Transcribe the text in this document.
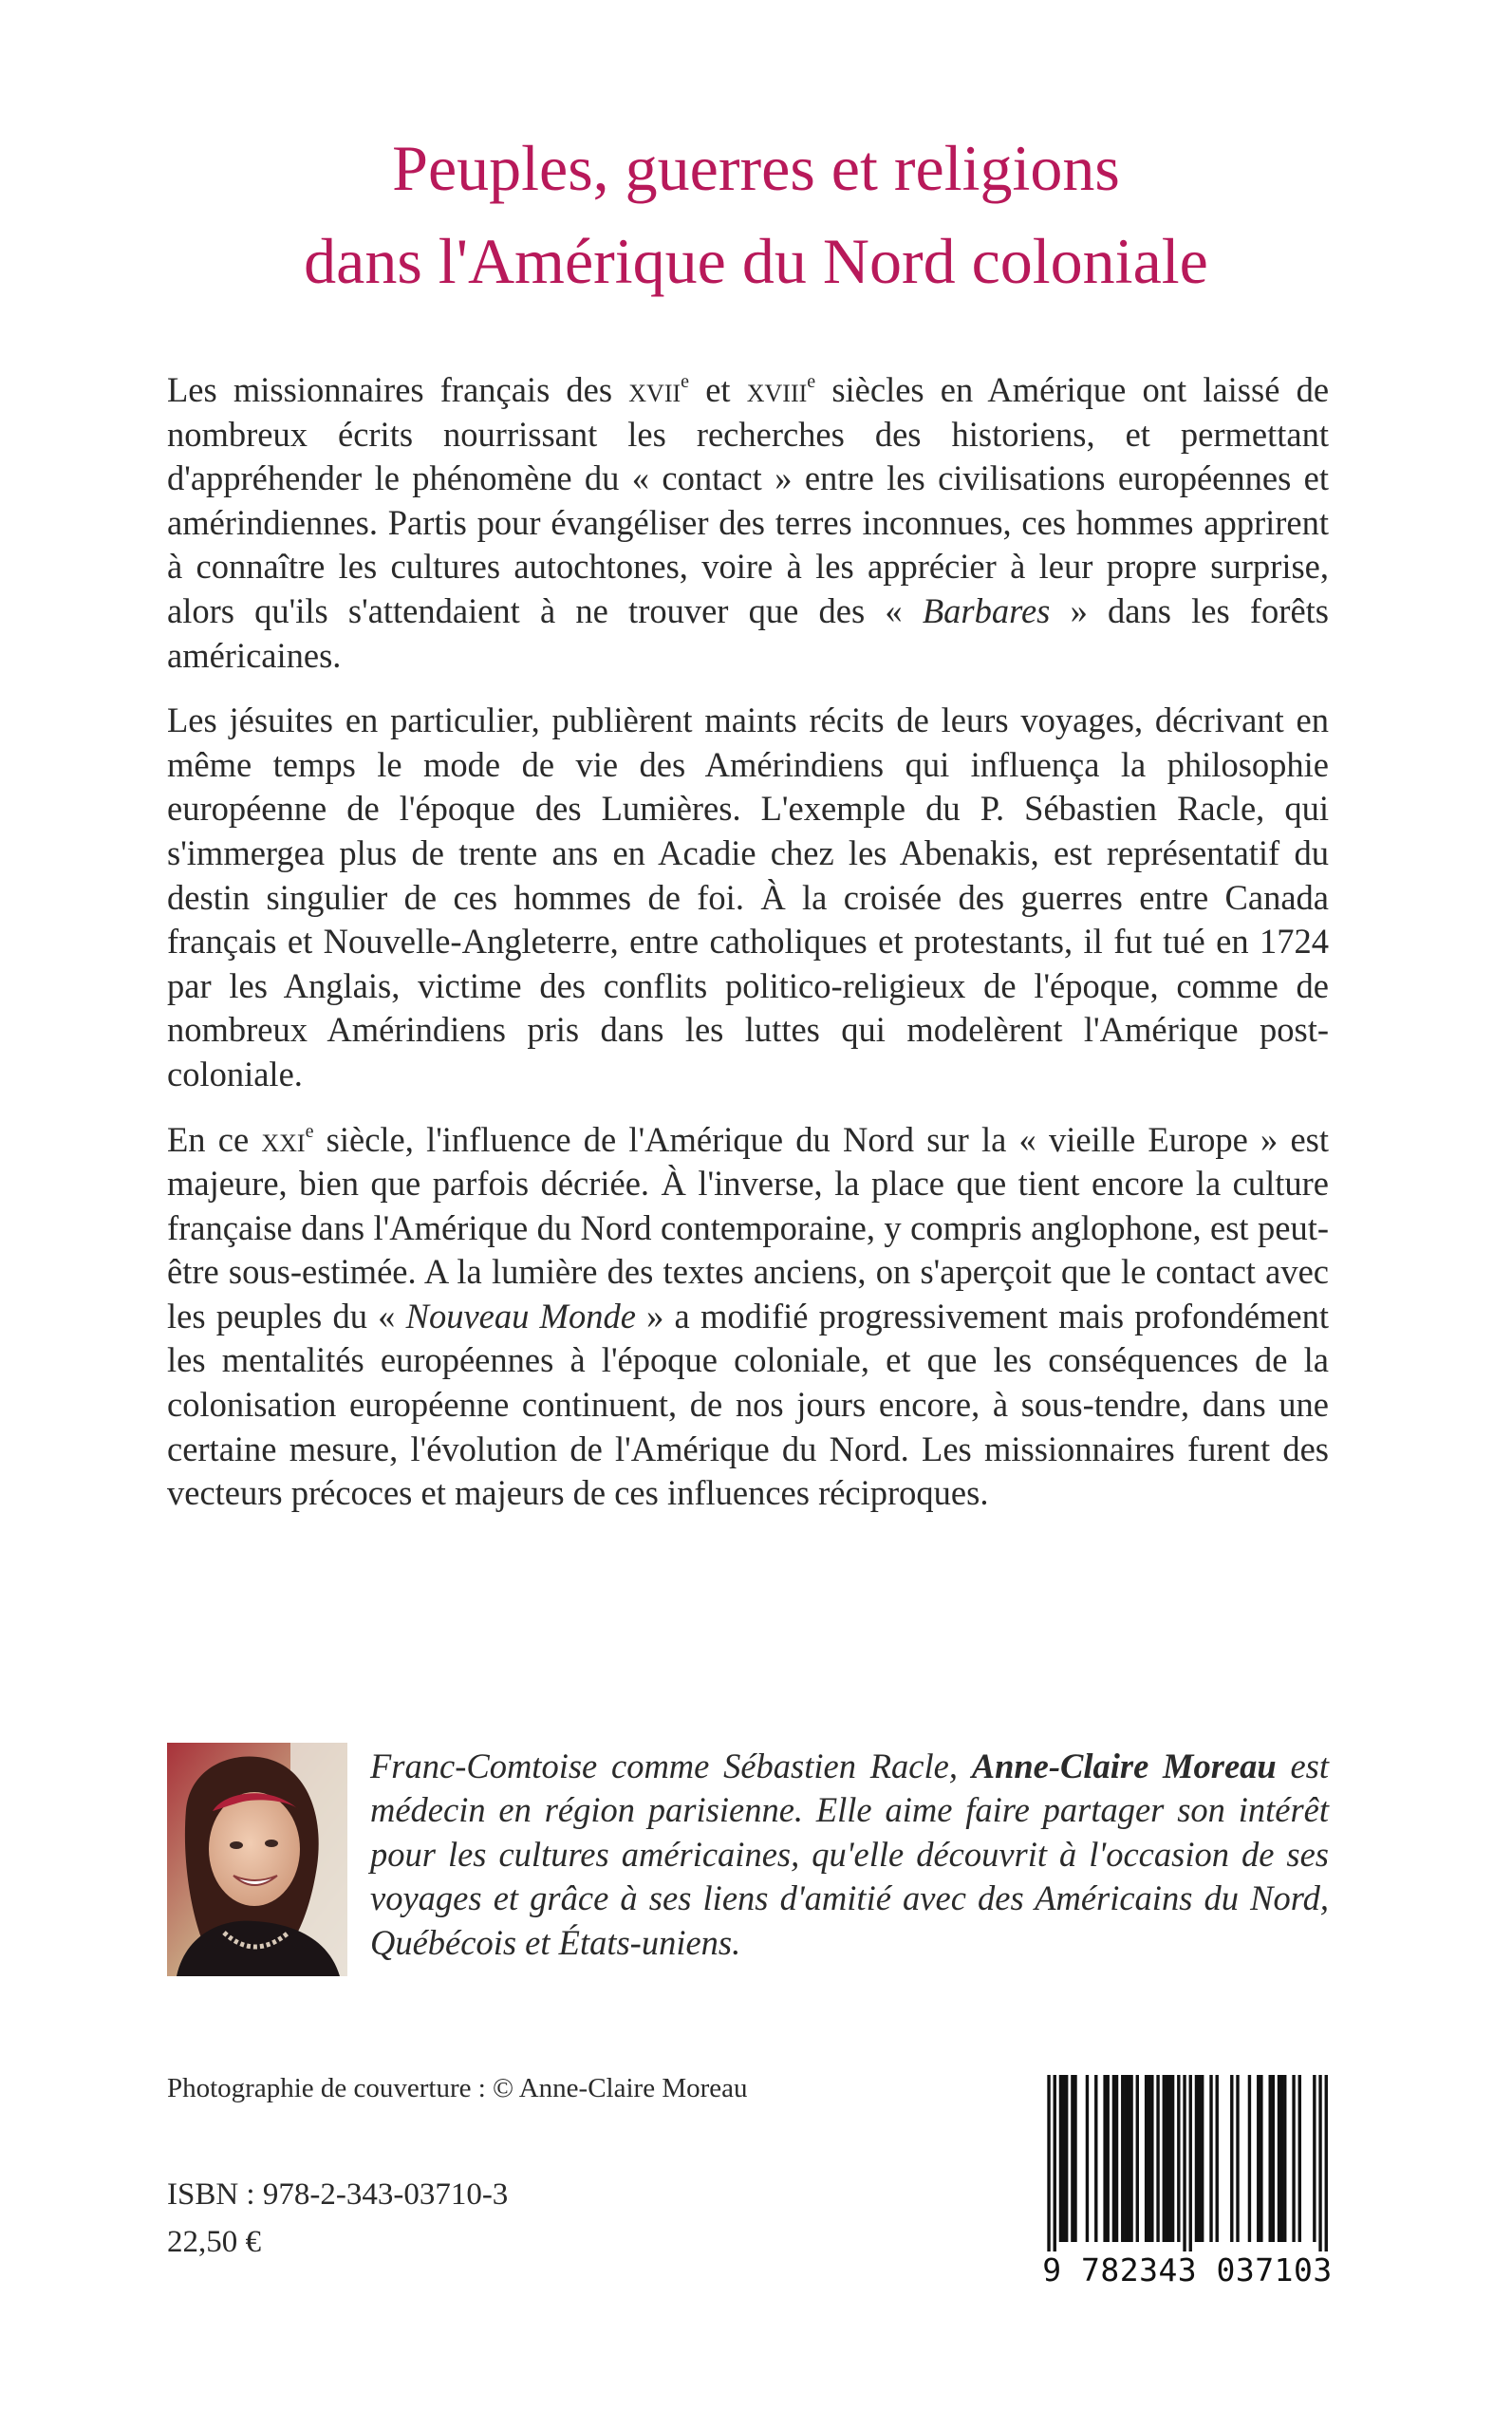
Peuples, guerres et religions
dans l'Amérique du Nord coloniale

Les missionnaires français des xvii$^e$ et xviii$^e$ siècles en Amérique ont laissé de nombreux écrits nourrissant les recherches des historiens, et permettant d'appréhender le phénomène du « contact » entre les civilisations européennes et amérindiennes. Partis pour évangéliser des terres inconnues, ces hommes apprirent à connaître les cultures autochtones, voire à les apprécier à leur propre surprise, alors qu'ils s'attendaient à ne trouver que des « Barbares » dans les forêts américaines.

Les jésuites en particulier, publièrent maints récits de leurs voyages, décrivant en même temps le mode de vie des Amérindiens qui influença la philosophie européenne de l'époque des Lumières. L'exemple du P. Sébastien Racle, qui s'immergea plus de trente ans en Acadie chez les Abenakis, est représentatif du destin singulier de ces hommes de foi. À la croisée des guerres entre Canada français et Nouvelle-Angleterre, entre catholiques et protestants, il fut tué en 1724 par les Anglais, victime des conflits politico-religieux de l'époque, comme de nombreux Amérindiens pris dans les luttes qui modelèrent l'Amérique post-coloniale.

En ce xxi$^e$ siècle, l'influence de l'Amérique du Nord sur la « vieille Europe » est majeure, bien que parfois décriée. À l'inverse, la place que tient encore la culture française dans l'Amérique du Nord contemporaine, y compris anglophone, est peut-être sous-estimée. A la lumière des textes anciens, on s'aperçoit que le contact avec les peuples du « Nouveau Monde » a modifié progressivement mais profondément les mentalités européennes à l'époque coloniale, et que les conséquences de la colonisation européenne continuent, de nos jours encore, à sous-tendre, dans une certaine mesure, l'évolution de l'Amérique du Nord. Les missionnaires furent des vecteurs précoces et majeurs de ces influences réciproques.

Franc-Comtoise comme Sébastien Racle, Anne-Claire Moreau est médecin en région parisienne. Elle aime faire partager son intérêt pour les cultures américaines, qu'elle découvrit à l'occasion de ses voyages et grâce à ses liens d'amitié avec des Américains du Nord, Québécois et États-uniens.
Photographie de couverture : © Anne-Claire Moreau
ISBN : 978-2-343-03710-3
22,50 €
9 782343 037103
